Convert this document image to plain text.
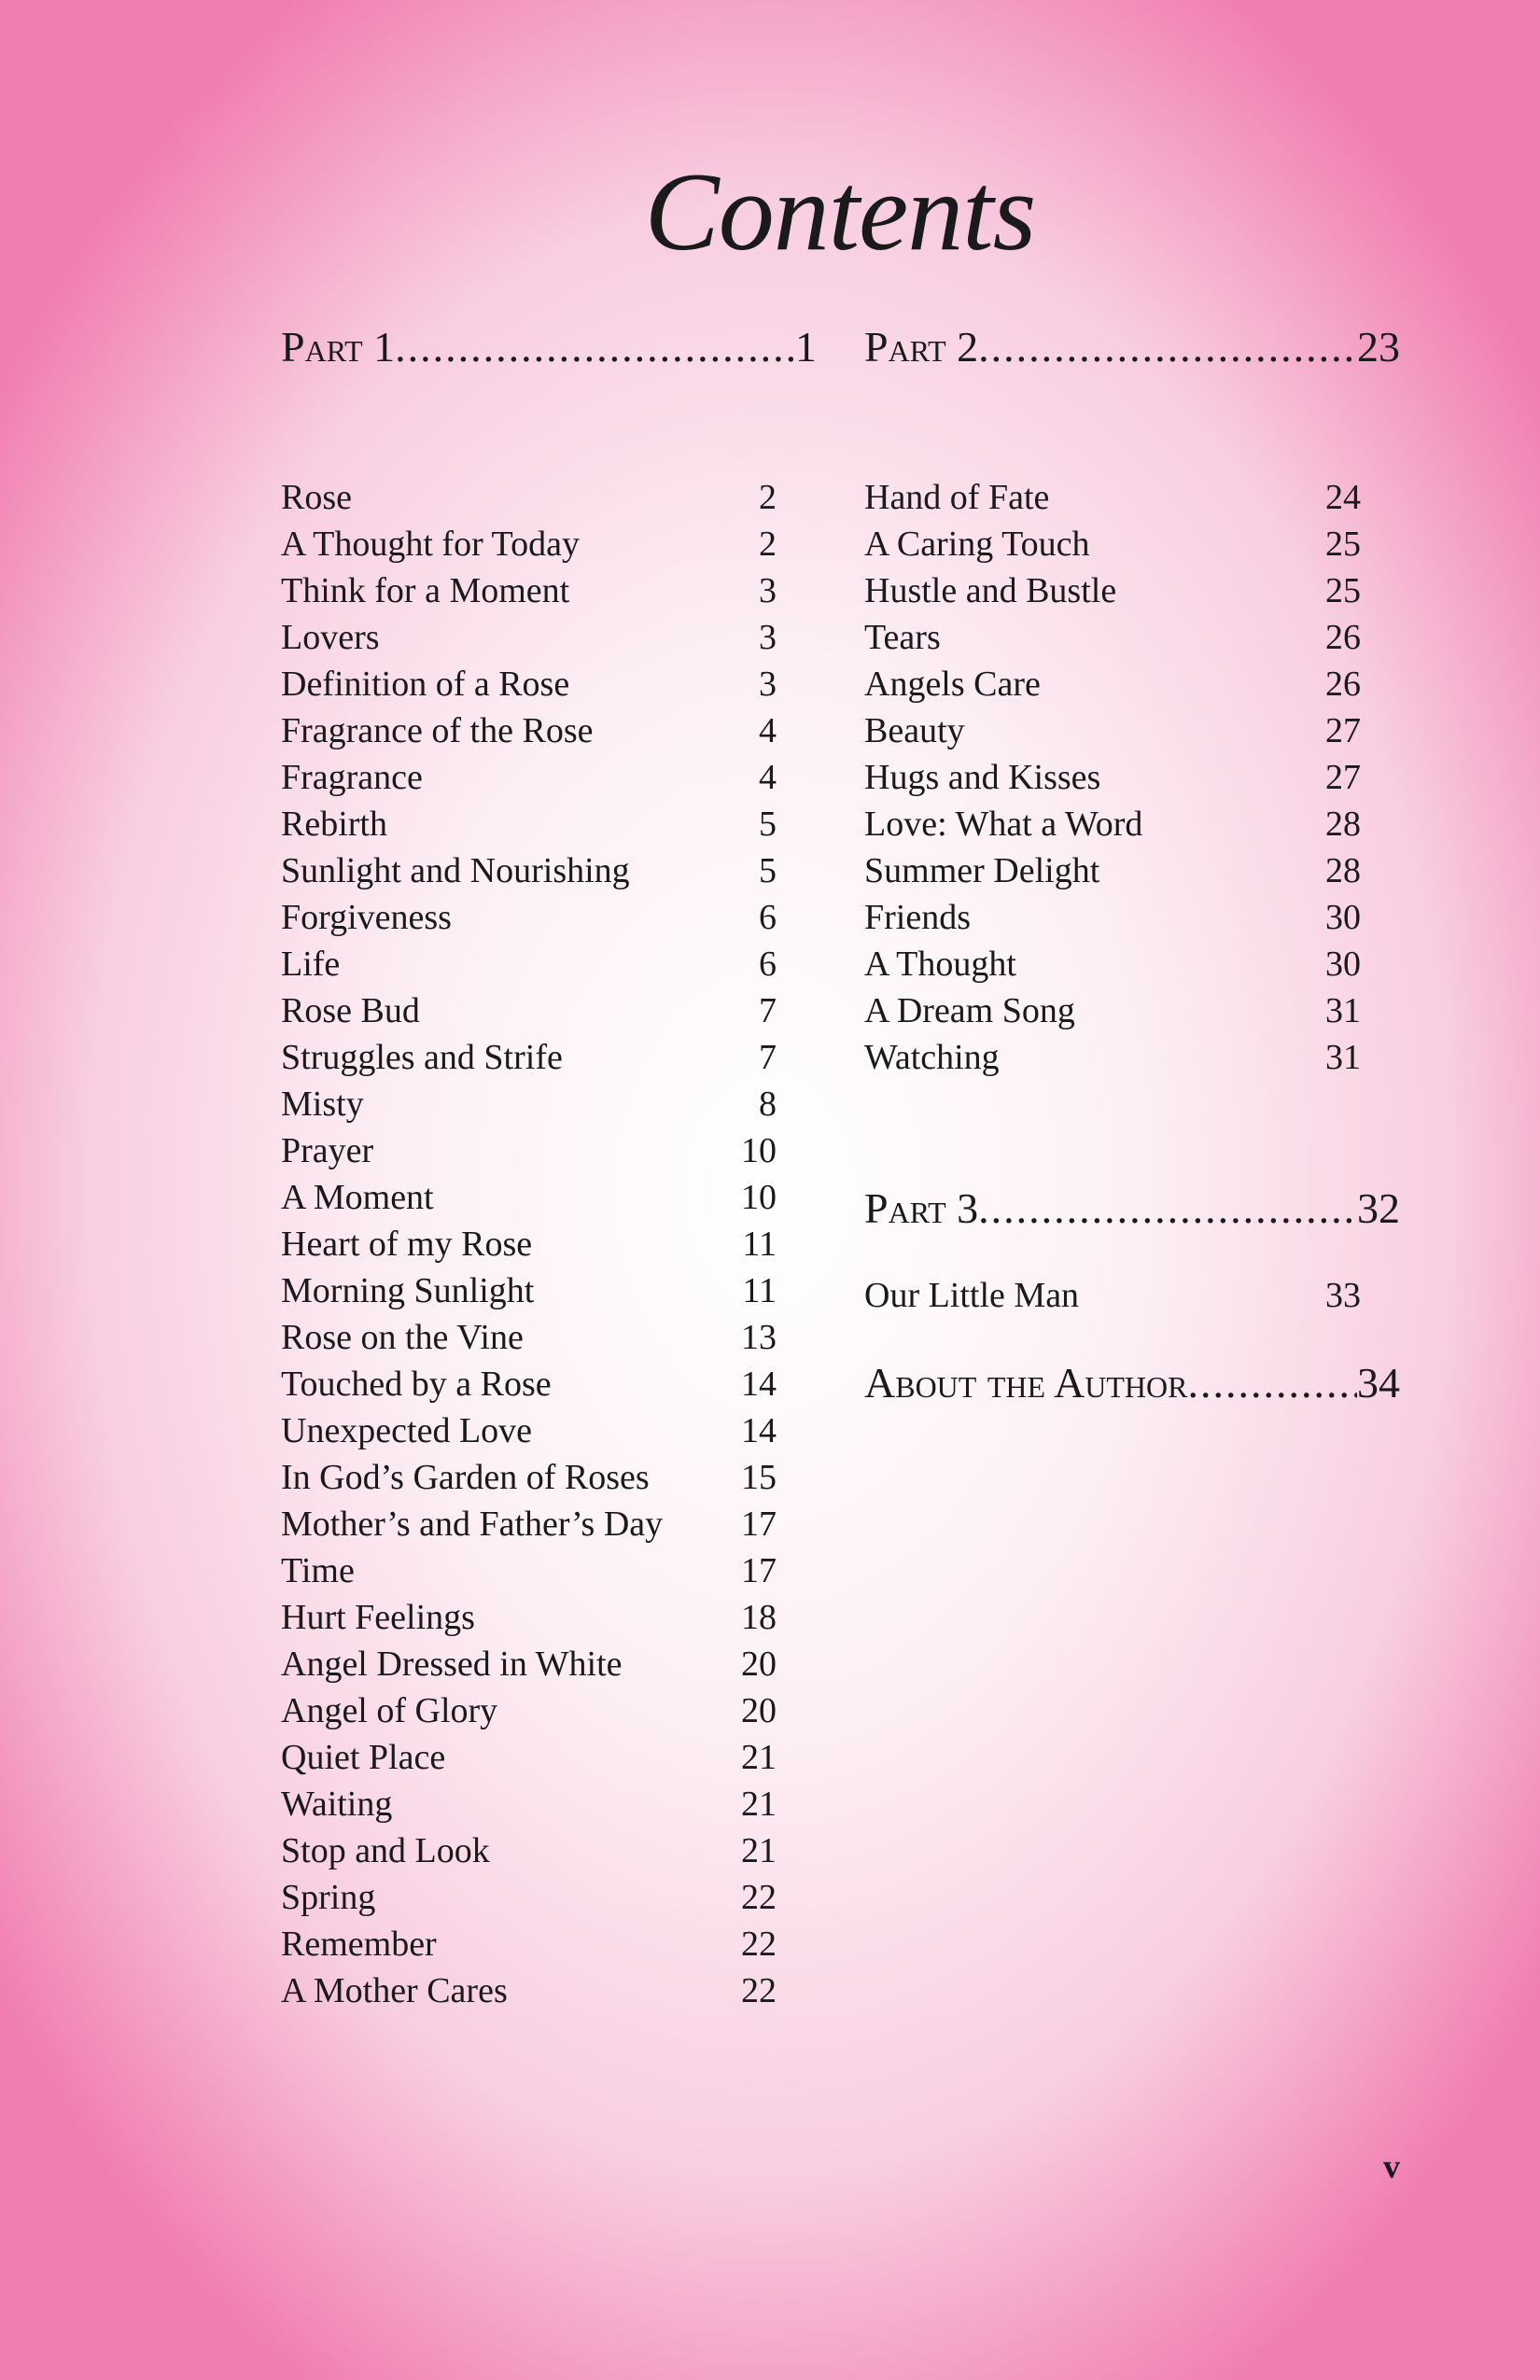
Contents
Part 1 .....	1
Rose	2
A Thought for Today	2
Think for a Moment	3
Lovers	3
Definition of a Rose	3
Fragrance of the Rose	4
Fragrance	4
Rebirth	5
Sunlight and Nourishing	5
Forgiveness	6
Life	6
Rose Bud	7
Struggles and Strife	7
Misty	8
Prayer	10
A Moment	10
Heart of my Rose	11
Morning Sunlight	11
Rose on the Vine	13
Touched by a Rose	14
Unexpected Love	14
In God’s Garden of Roses	15
Mother’s and Father’s Day 17
Time	17
Hurt Feelings	18
Angel Dressed in White	20
Angel of Glory	20
Quiet Place	21
Waiting	21
Stop and Look	21
Spring	22
Remember	22
A Mother Cares	22
Part 2 .....	23
Hand of Fate	24
A Caring Touch	25
Hustle and Bustle	25
Tears	26
Angels Care	26
Beauty	27
Hugs and Kisses	27
Love: What a Word	28
Summer Delight	28
Friends	30
A Thought	30
A Dream Song	31
Watching	31
Part 3 .....	32
Our Little Man	33
About the Author .....	34
v
